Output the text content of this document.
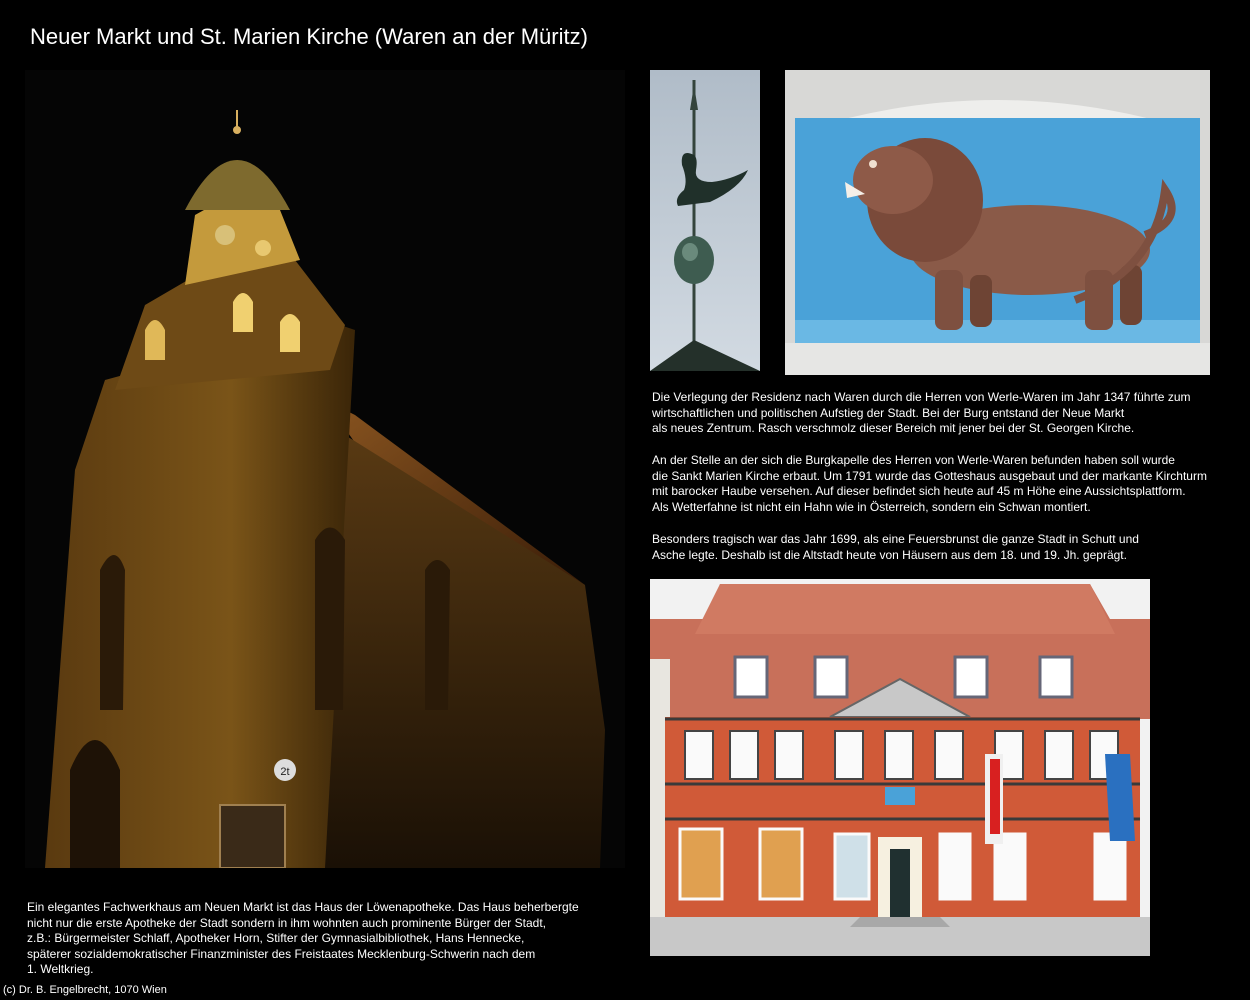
Neuer Markt und St. Marien Kirche (Waren an der Müritz)
2t
Die Verlegung der Residenz nach Waren durch die Herren von Werle-Waren im Jahr 1347 führte zum
wirtschaftlichen und politischen Aufstieg der Stadt. Bei der Burg entstand der Neue Markt
als neues Zentrum. Rasch verschmolz dieser Bereich mit jener bei der St. Georgen Kirche.
An der Stelle an der sich die Burgkapelle des Herren von Werle-Waren befunden haben soll wurde
die Sankt Marien Kirche erbaut. Um 1791 wurde das Gotteshaus ausgebaut und der markante Kirchturm
mit barocker Haube versehen. Auf dieser befindet sich heute auf 45 m Höhe eine Aussichtsplattform.
Als Wetterfahne ist nicht ein Hahn wie in Österreich, sondern ein Schwan montiert.
Besonders tragisch war das Jahr 1699, als eine Feuersbrunst die ganze Stadt in Schutt und
Asche legte. Deshalb ist die Altstadt heute von Häusern aus dem 18. und 19. Jh. geprägt.
Ein elegantes Fachwerkhaus am Neuen Markt ist das Haus der Löwenapotheke. Das Haus beherbergte
nicht nur die erste Apotheke der Stadt sondern in ihm wohnten auch prominente Bürger der Stadt,
z.B.: Bürgermeister Schlaff, Apotheker Horn, Stifter der Gymnasialbibliothek, Hans Hennecke,
späterer sozialdemokratischer Finanzminister des Freistaates Mecklenburg-Schwerin nach dem
1. Weltkrieg.
(c) Dr. B. Engelbrecht, 1070 Wien
